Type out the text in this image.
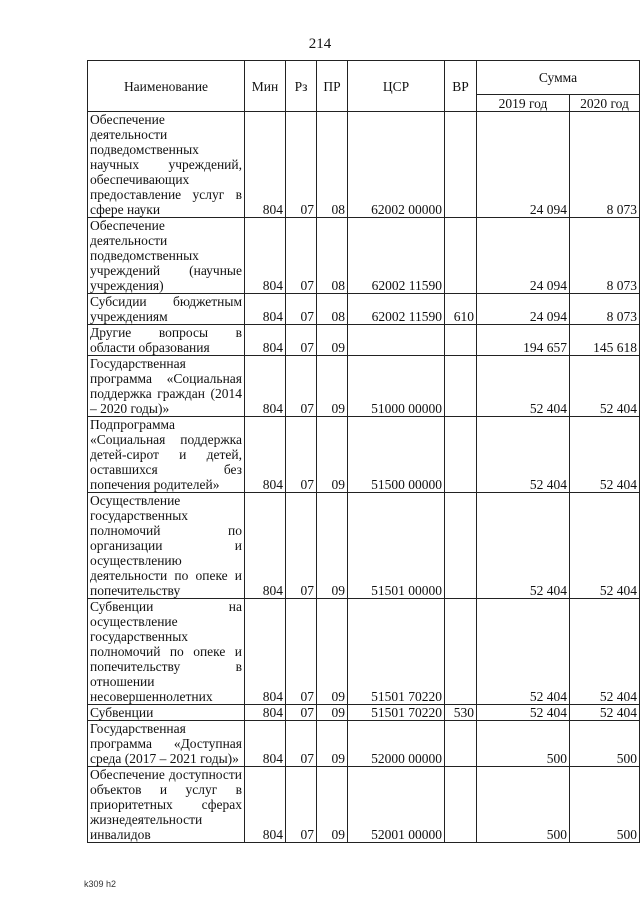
214
Наименование	Мин	Рз	ПР	ЦСР	ВР	Сумма	
						2019 год	2020 год
Обеспечение деятельности подведомственных научных учреждений, обеспечивающих предоставление услуг в сфере науки	804	07	08	62002 00000		24 094	8 073
Обеспечение деятельности подведомственных учреждений (научные учреждения)	804	07	08	62002 11590		24 094	8 073
Субсидии бюджетным учреждениям	804	07	08	62002 11590	610	24 094	8 073
Другие вопросы в области образования	804	07	09			194 657	145 618
Государственная программа «Социальная поддержка граждан (2014 – 2020 годы)»	804	07	09	51000 00000		52 404	52 404
Подпрограмма «Социальная поддержка детей-сирот и детей, оставшихся без попечения родителей»	804	07	09	51500 00000		52 404	52 404
Осуществление государственных полномочий по организации и осуществлению деятельности по опеке и попечительству	804	07	09	51501 00000		52 404	52 404
Субвенции на осуществление государственных полномочий по опеке и попечительству в отношении несовершеннолетних	804	07	09	51501 70220		52 404	52 404
Субвенции	804	07	09	51501 70220	530	52 404	52 404
Государственная программа «Доступная среда (2017 – 2021 годы)»	804	07	09	52000 00000		500	500
Обеспечение доступности объектов и услуг в приоритетных сферах жизнедеятельности инвалидов	804	07	09	52001 00000		500	500
k309 h2
